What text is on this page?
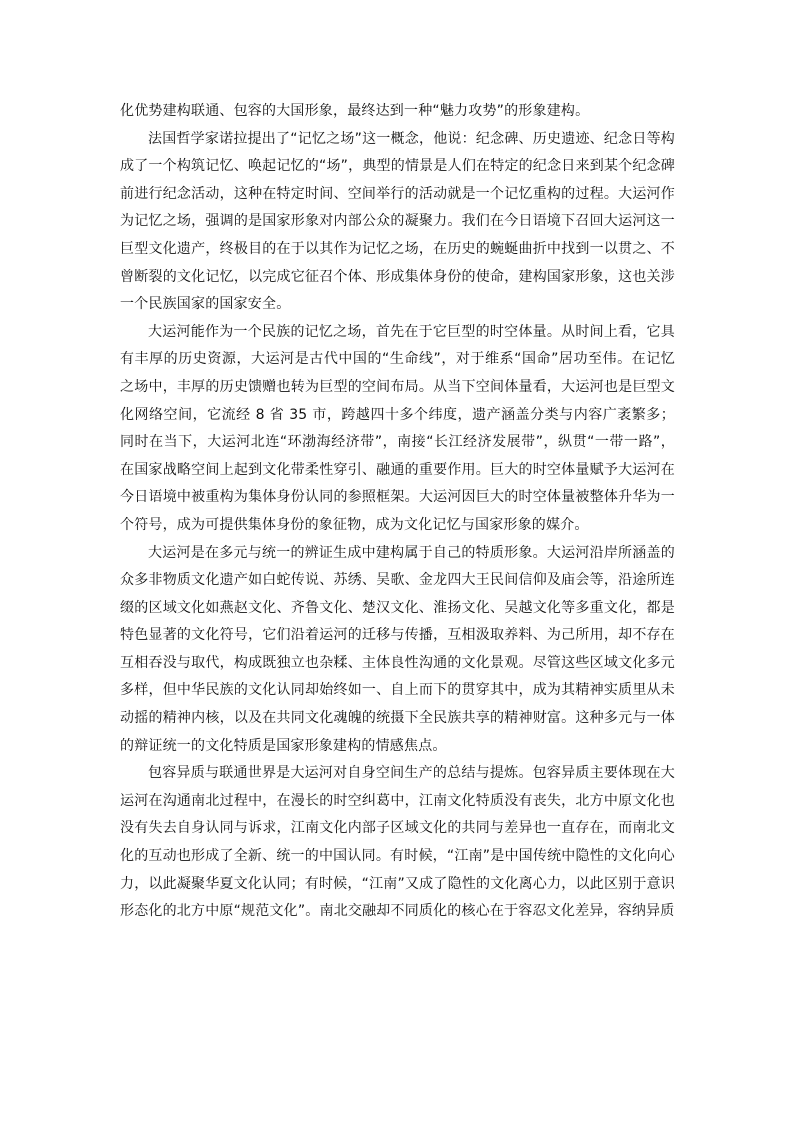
化优势建构联通、包容的大国形象，最终达到一种“魅力攻势”的形象建构。

法国哲学家诺拉提出了“记忆之场”这一概念，他说：纪念碑、历史遗迹、纪念日等构成了一个构筑记忆、唤起记忆的“场”，典型的情景是人们在特定的纪念日来到某个纪念碑前进行纪念活动，这种在特定时间、空间举行的活动就是一个记忆重构的过程。大运河作为记忆之场，强调的是国家形象对内部公众的凝聚力。我们在今日语境下召回大运河这一巨型文化遗产，终极目的在于以其作为记忆之场，在历史的蜿蜒曲折中找到一以贯之、不曾断裂的文化记忆，以完成它征召个体、形成集体身份的使命，建构国家形象，这也关涉一个民族国家的国家安全。

大运河能作为一个民族的记忆之场，首先在于它巨型的时空体量。从时间上看，它具有丰厚的历史资源，大运河是古代中国的“生命线”，对于维系“国命”居功至伟。在记忆之场中，丰厚的历史馈赠也转为巨型的空间布局。从当下空间体量看，大运河也是巨型文化网络空间，它流经 8 省 35 市，跨越四十多个纬度，遗产涵盖分类与内容广袤繁多；同时在当下，大运河北连“环渤海经济带”，南接“长江经济发展带”，纵贯“一带一路”，在国家战略空间上起到文化带柔性穿引、融通的重要作用。巨大的时空体量赋予大运河在今日语境中被重构为集体身份认同的参照框架。大运河因巨大的时空体量被整体升华为一个符号，成为可提供集体身份的象征物，成为文化记忆与国家形象的媒介。

大运河是在多元与统一的辨证生成中建构属于自己的特质形象。大运河沿岸所涵盖的众多非物质文化遗产如白蛇传说、苏绣、吴歌、金龙四大王民间信仰及庙会等，沿途所连缀的区域文化如燕赵文化、齐鲁文化、楚汉文化、淮扬文化、吴越文化等多重文化，都是特色显著的文化符号，它们沿着运河的迁移与传播，互相汲取养料、为己所用，却不存在互相吞没与取代，构成既独立也杂糅、主体良性沟通的文化景观。尽管这些区域文化多元多样，但中华民族的文化认同却始终如一、自上而下的贯穿其中，成为其精神实质里从未动摇的精神内核，以及在共同文化魂魄的统摄下全民族共享的精神财富。这种多元与一体的辩证统一的文化特质是国家形象建构的情感焦点。

包容异质与联通世界是大运河对自身空间生产的总结与提炼。包容异质主要体现在大运河在沟通南北过程中，在漫长的时空纠葛中，江南文化特质没有丧失，北方中原文化也没有失去自身认同与诉求，江南文化内部子区域文化的共同与差异也一直存在，而南北文化的互动也形成了全新、统一的中国认同。有时候，“江南”是中国传统中隐性的文化向心力，以此凝聚华夏文化认同；有时候，“江南”又成了隐性的文化离心力，以此区别于意识形态化的北方中原“规范文化”。南北交融却不同质化的核心在于容忍文化差异，容纳异质
